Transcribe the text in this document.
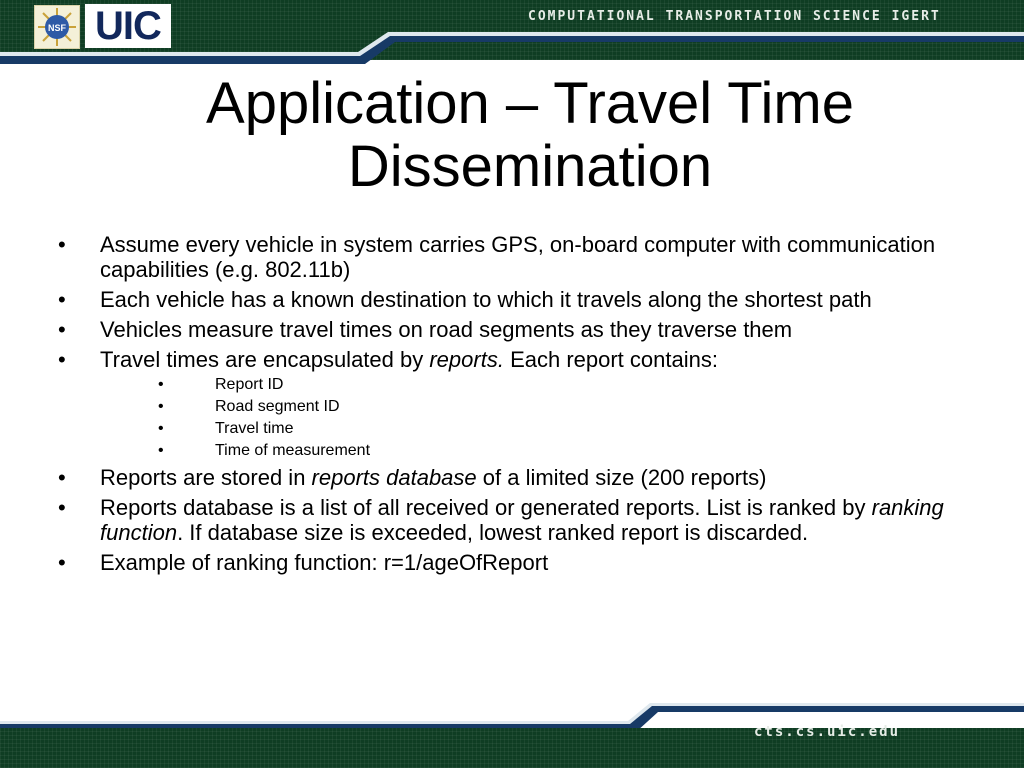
NSF UIC	COMPUTATIONAL TRANSPORTATION SCIENCE IGERT
Application – Travel Time
Dissemination
•	Assume every vehicle in system carries GPS, on-board computer with communication capabilities (e.g. 802.11b)
•	Each vehicle has a known destination to which it travels along the shortest path
•	Vehicles measure travel times on road segments as they traverse them
•	Travel times are encapsulated by reports. Each report contains:
•	Report ID
•	Road segment ID
•	Travel time
•	Time of measurement
•	Reports are stored in reports database of a limited size (200 reports)
•	Reports database is a list of all received or generated reports. List is ranked by ranking function. If database size is exceeded, lowest ranked report is discarded.
•	Example of ranking function: r=1/ageOfReport
cts.cs.uic.edu
